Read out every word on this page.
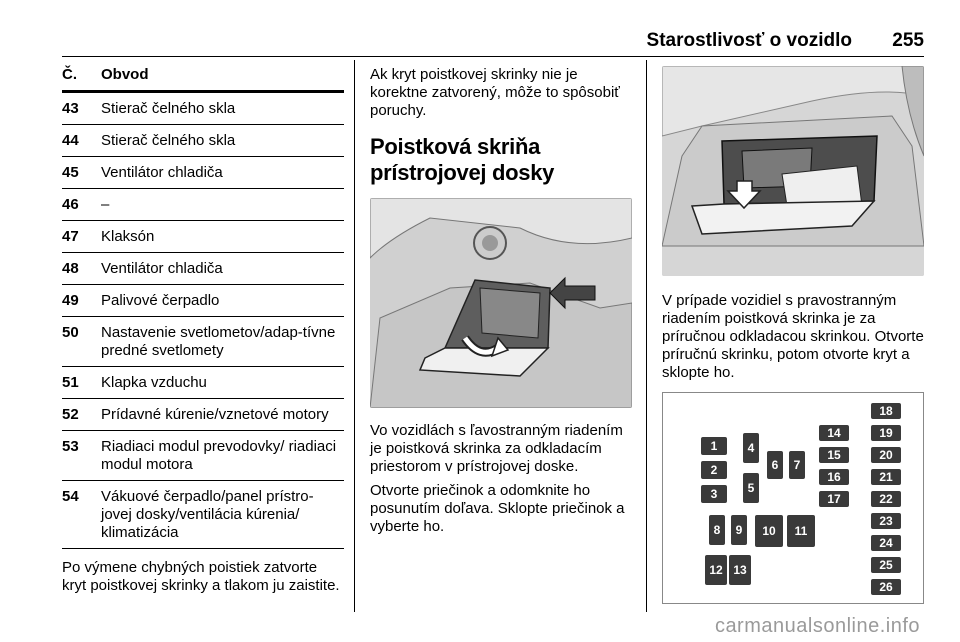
Starostlivosť o vozidlo 255
Č.	Obvod
43	Stierač čelného skla
44	Stierač čelného skla
45	Ventilátor chladiča
46	–
47	Klaksón
48	Ventilátor chladiča
49	Palivové čerpadlo
50	Nastavenie svetlometov/adap-tívne predné svetlomety
51	Klapka vzduchu
52	Prídavné kúrenie/vznetové motory
53	Riadiaci modul prevodovky/ riadiaci modul motora
54	Vákuové čerpadlo/panel prístro-jovej dosky/ventilácia kúrenia/ klimatizácia

Po výmene chybných poistiek zatvorte kryt poistkovej skrinky a tlakom ju zaistite.

Ak kryt poistkovej skrinky nie je korektne zatvorený, môže to spôsobiť poruchy.

Poistková skriňa prístrojovej dosky

Vo vozidlách s ľavostranným riadením je poistková skrinka za odkladacím priestorom v prístrojovej doske.

Otvorte priečinok a odomknite ho posunutím doľava. Sklopte priečinok a vyberte ho.

V prípade vozidiel s pravostranným riadením poistková skrinka je za príručnou odkladacou skrinkou. Otvorte príručnú skrinku, potom otvorte kryt a sklopte ho.

1
2
3
4
5
6	7
8	9	10	11
12 13
14
15
16
17
18
19
20
21
22
23
24
25
26
carmanualsonline.info
